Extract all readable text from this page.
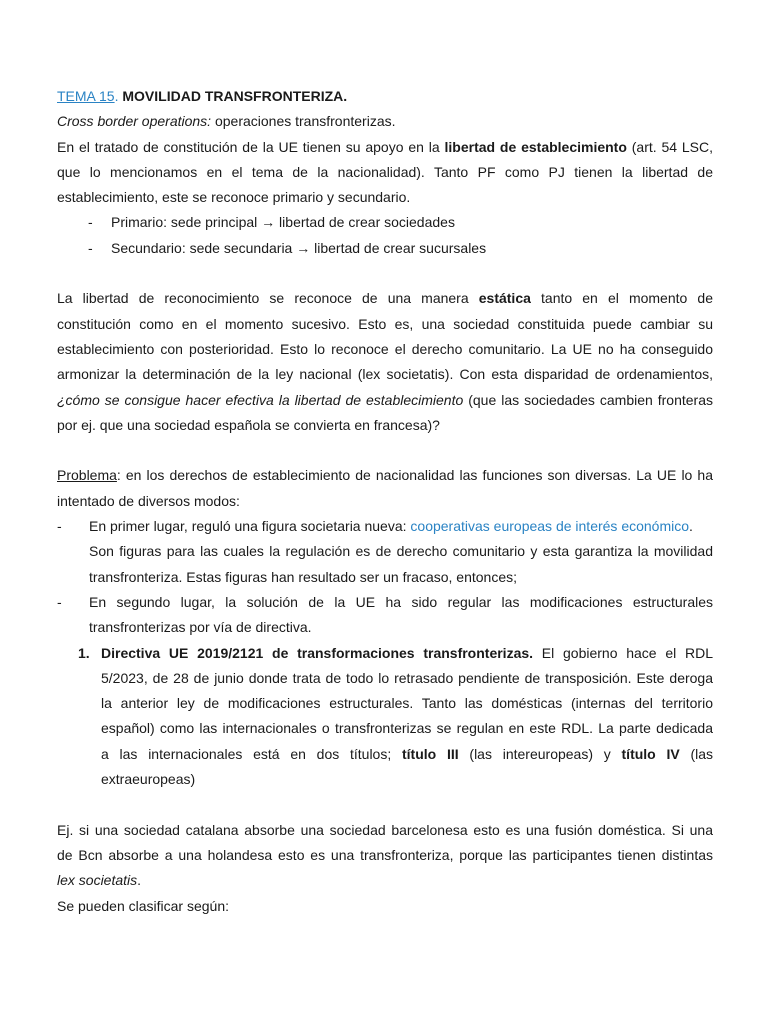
TEMA 15. MOVILIDAD TRANSFRONTERIZA.
Cross border operations: operaciones transfronterizas.
En el tratado de constitución de la UE tienen su apoyo en la libertad de establecimiento (art. 54 LSC,
que lo mencionamos en el tema de la nacionalidad). Tanto PF como PJ tienen la libertad de
establecimiento, este se reconoce primario y secundario.
- Primario: sede principal → libertad de crear sociedades
- Secundario: sede secundaria → libertad de crear sucursales
La libertad de reconocimiento se reconoce de una manera estática tanto en el momento de
constitución como en el momento sucesivo. Esto es, una sociedad constituida puede cambiar su
establecimiento con posterioridad. Esto lo reconoce el derecho comunitario. La UE no ha conseguido
armonizar la determinación de la ley nacional (lex societatis). Con esta disparidad de ordenamientos,
¿cómo se consigue hacer efectiva la libertad de establecimiento (que las sociedades cambien fronteras
por ej. que una sociedad española se convierta en francesa)?
Problema: en los derechos de establecimiento de nacionalidad las funciones son diversas. La UE lo ha
intentado de diversos modos:
- En primer lugar, reguló una figura societaria nueva: cooperativas europeas de interés económico.
Son figuras para las cuales la regulación es de derecho comunitario y esta garantiza la movilidad
transfronteriza. Estas figuras han resultado ser un fracaso, entonces;
- En segundo lugar, la solución de la UE ha sido regular las modificaciones estructurales
transfronterizas por vía de directiva.
1. Directiva UE 2019/2121 de transformaciones transfronterizas. El gobierno hace el RDL
5/2023, de 28 de junio donde trata de todo lo retrasado pendiente de transposición. Este deroga
la anterior ley de modificaciones estructurales. Tanto las domésticas (internas del territorio
español) como las internacionales o transfronterizas se regulan en este RDL. La parte dedicada
a las internacionales está en dos títulos; título III (las intereuropeas) y título IV (las
extraeuropeas)
Ej. si una sociedad catalana absorbe una sociedad barcelonesa esto es una fusión doméstica. Si una
de Bcn absorbe a una holandesa esto es una transfronteriza, porque las participantes tienen distintas
lex societatis.
Se pueden clasificar según:
